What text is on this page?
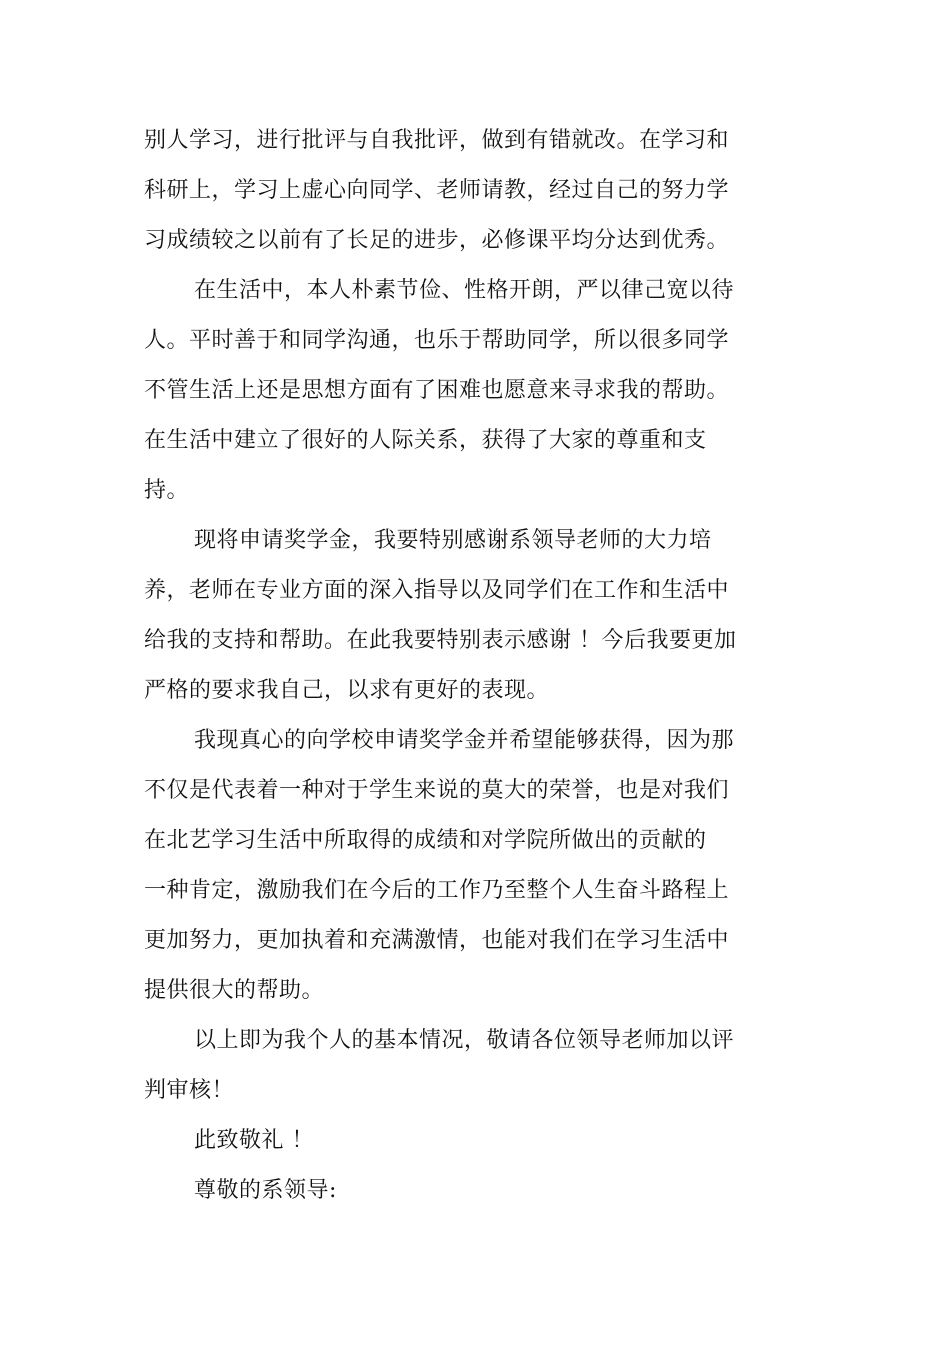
别人学习，进行批评与自我批评，做到有错就改。在学习和
科研上，学习上虚心向同学、老师请教，经过自己的努力学
习成绩较之以前有了长足的进步，必修课平均分达到优秀。
在生活中，本人朴素节俭、性格开朗，严以律己宽以待
人。平时善于和同学沟通，也乐于帮助同学，所以很多同学
不管生活上还是思想方面有了困难也愿意来寻求我的帮助。
在生活中建立了很好的人际关系，获得了大家的尊重和支
持。
现将申请奖学金，我要特别感谢系领导老师的大力培
养，老师在专业方面的深入指导以及同学们在工作和生活中
给我的支持和帮助。在此我要特别表示感谢 ！今后我要更加
严格的要求我自己，以求有更好的表现。
我现真心的向学校申请奖学金并希望能够获得，因为那
不仅是代表着一种对于学生来说的莫大的荣誉，也是对我们
在北艺学习生活中所取得的成绩和对学院所做出的贡献的
一种肯定，激励我们在今后的工作乃至整个人生奋斗路程上
更加努力，更加执着和充满激情，也能对我们在学习生活中
提供很大的帮助。
以上即为我个人的基本情况，敬请各位领导老师加以评
判审核！
此致敬礼 ！
尊敬的系领导:
